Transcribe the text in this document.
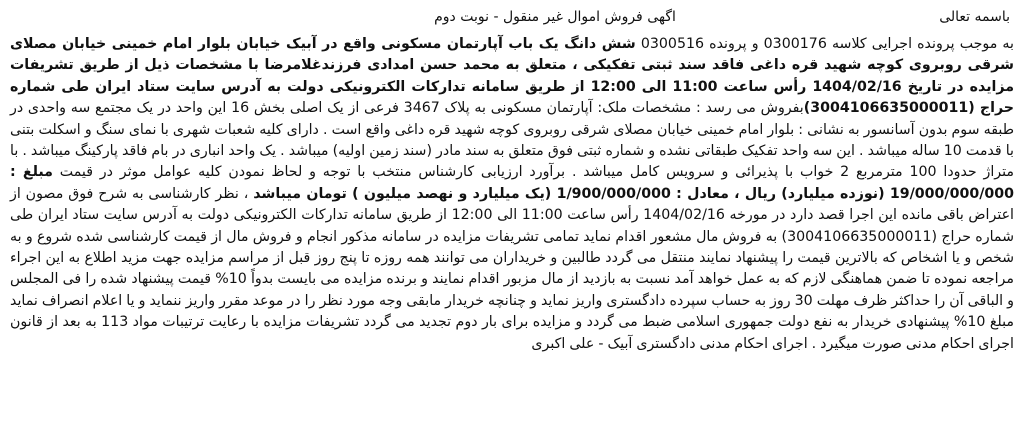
باسمه تعالی
اگهی فروش اموال غیر منقول - نوبت دوم

به موجب پرونده اجرایی کلاسه 0300176 و پرونده 0300516 شش دانگ یک باب آپارتمان مسکونی واقع در آبیک خیابان بلوار امام خمینی خیابان مصلای شرقی روبروی کوچه شهید قره داغی فاقد سند ثبتی تفکیکی ، متعلق به محمد حسن امدادی فرزندغلامرضا با مشخصات ذیل از طریق تشریفات مزایده در تاریخ 1404/02/16 رأس ساعت 11:00 الی 12:00 از طریق سامانه تدارکات الکترونیکی دولت به آدرس سایت ستاد ایران طی شماره حراج (3004106635000011)بفروش می رسد : مشخصات ملک: آپارتمان مسکونی به پلاک 3467 فرعی از یک اصلی بخش 16 این واحد در یک مجتمع سه واحدی در طبقه سوم بدون آسانسور به نشانی : بلوار امام خمینی خیابان مصلای شرقی روبروی کوچه شهید قره داغی واقع است . دارای کلیه شعبات شهری با نمای سنگ و اسکلت بتنی با قدمت 10 ساله میباشد . این سه واحد تفکیک طبقاتی نشده و شماره ثبتی فوق متعلق به سند مادر (سند زمین اولیه) میباشد . یک واحد انباری در بام فاقد پارکینگ میباشد . با متراژ حدودا 100 مترمربع 2 خواب با پذیرائی و سرویس کامل میباشد . برآورد ارزیابی کارشناس منتخب با توجه و لحاظ نمودن کلیه عوامل موثر در قیمت مبلغ : 19/000/000/000 (نوزده میلیارد) ریال ، معادل : 1/900/000/000 (یک میلیارد و نهصد میلیون ) تومان میباشد ، نظر کارشناسی به شرح فوق مصون از اعتراض باقی مانده این اجرا قصد دارد در مورخه 1404/02/16 رأس ساعت 11:00 الی 12:00 از طریق سامانه تدارکات الکترونیکی دولت به آدرس سایت ستاد ایران طی شماره حراج (3004106635000011) به فروش مال مشعور اقدام نماید تمامی تشریفات مزایده در سامانه مذکور انجام و فروش مال از قیمت کارشناسی شده شروع و به شخص و یا اشخاص که بالاترین قیمت را پیشنهاد نمایند منتقل می گردد طالبین و خریداران می توانند همه روزه تا پنج روز قبل از مراسم مزایده جهت مزید اطلاع به این اجراء مراجعه نموده تا ضمن هماهنگی لازم که به عمل خواهد آمد نسبت به بازدید از مال مزبور اقدام نمایند و برنده مزایده می بایست بدواً 10% قیمت پیشنهاد شده را فی المجلس و الباقی آن را حداکثر ظرف مهلت 30 روز به حساب سپرده دادگستری واریز نماید و چنانچه خریدار مابقی وجه مورد نظر را در موعد مقرر واریز ننماید و یا اعلام انصراف نماید مبلغ 10% پیشنهادی خریدار به نفع دولت جمهوری اسلامی ضبط می گردد و مزایده برای بار دوم تجدید می گردد تشریفات مزایده با رعایت ترتیبات مواد 113 به بعد از قانون اجرای احکام مدنی صورت میگیرد . اجرای احکام مدنی دادگستری آبیک - علی اکبری
